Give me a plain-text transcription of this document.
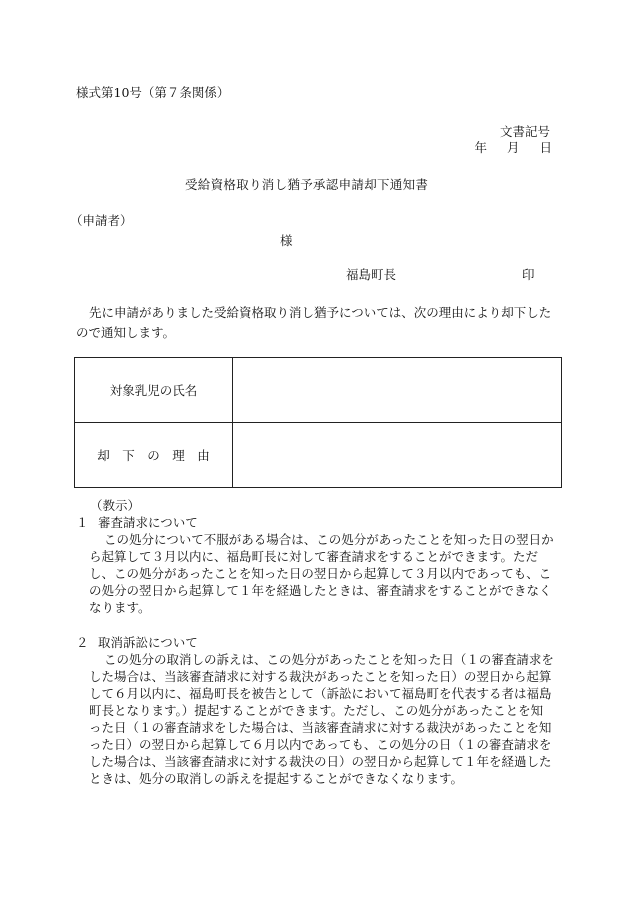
様式第10号（第７条関係）
文書記号
年 月 日
受給資格取り消し猶予承認申請却下通知書
（申請者）
様
福島町長	印
先に申請がありました受給資格取り消し猶予については、次の理由により却下したので通知します。
対象乳児の氏名	
却　下　の　理　由	
（教示）
１ 審査請求について
この処分について不服がある場合は、この処分があったことを知った日の翌日から起算して３月以内に、福島町長に対して審査請求をすることができます。ただし、この処分があったことを知った日の翌日から起算して３月以内であっても、この処分の翌日から起算して１年を経過したときは、審査請求をすることができなくなります。
２ 取消訴訟について
この処分の取消しの訴えは、この処分があったことを知った日（１の審査請求をした場合は、当該審査請求に対する裁決があったことを知った日）の翌日から起算して６月以内に、福島町長を被告として（訴訟において福島町を代表する者は福島町長となります。）提起することができます。ただし、この処分があったことを知った日（１の審査請求をした場合は、当該審査請求に対する裁決があったことを知った日）の翌日から起算して６月以内であっても、この処分の日（１の審査請求をした場合は、当該審査請求に対する裁決の日）の翌日から起算して１年を経過したときは、処分の取消しの訴えを提起することができなくなります。
